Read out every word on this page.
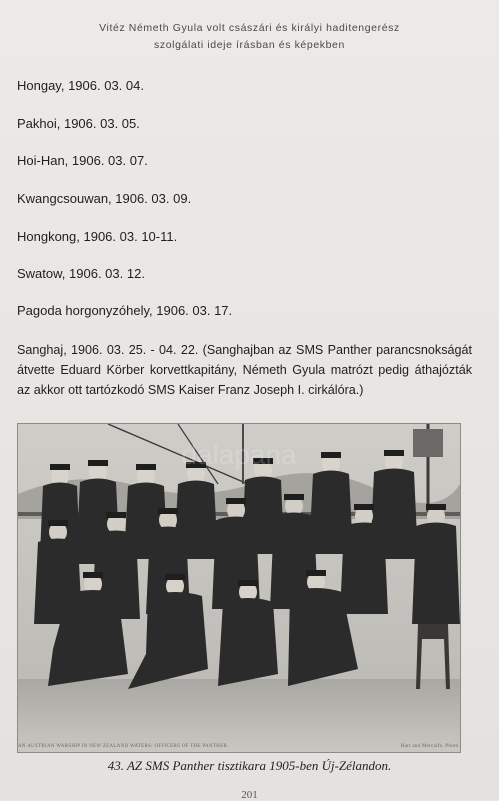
Vitéz Németh Gyula volt császári és királyi haditengerész
szolgálati ideje írásban és képekben
Hongay, 1906. 03. 04.
Pakhoi, 1906. 03. 05.
Hoi-Han, 1906. 03. 07.
Kwangcsouwan, 1906. 03. 09.
Hongkong, 1906. 03. 10-11.
Swatow, 1906. 03. 12.
Pagoda horgonyzóhely, 1906. 03. 17.
Sanghaj, 1906. 03. 25. - 04. 22. (Sanghajban az SMS Panther parancsnokságát átvette Eduard Körber korvettkapitány, Németh Gyula matrózt pedig áthajózták az akkor ott tartózkodó SMS Kaiser Franz Joseph I. cirkálóra.)
dalapana
AN AUSTRIAN WARSHIP IN NEW ZEALAND WATERS: OFFICERS OF THE PANTHER.	Hart and Metcalfe, Photo.
43. AZ SMS Panther tisztikara 1905-ben Új-Zélandon.
201
